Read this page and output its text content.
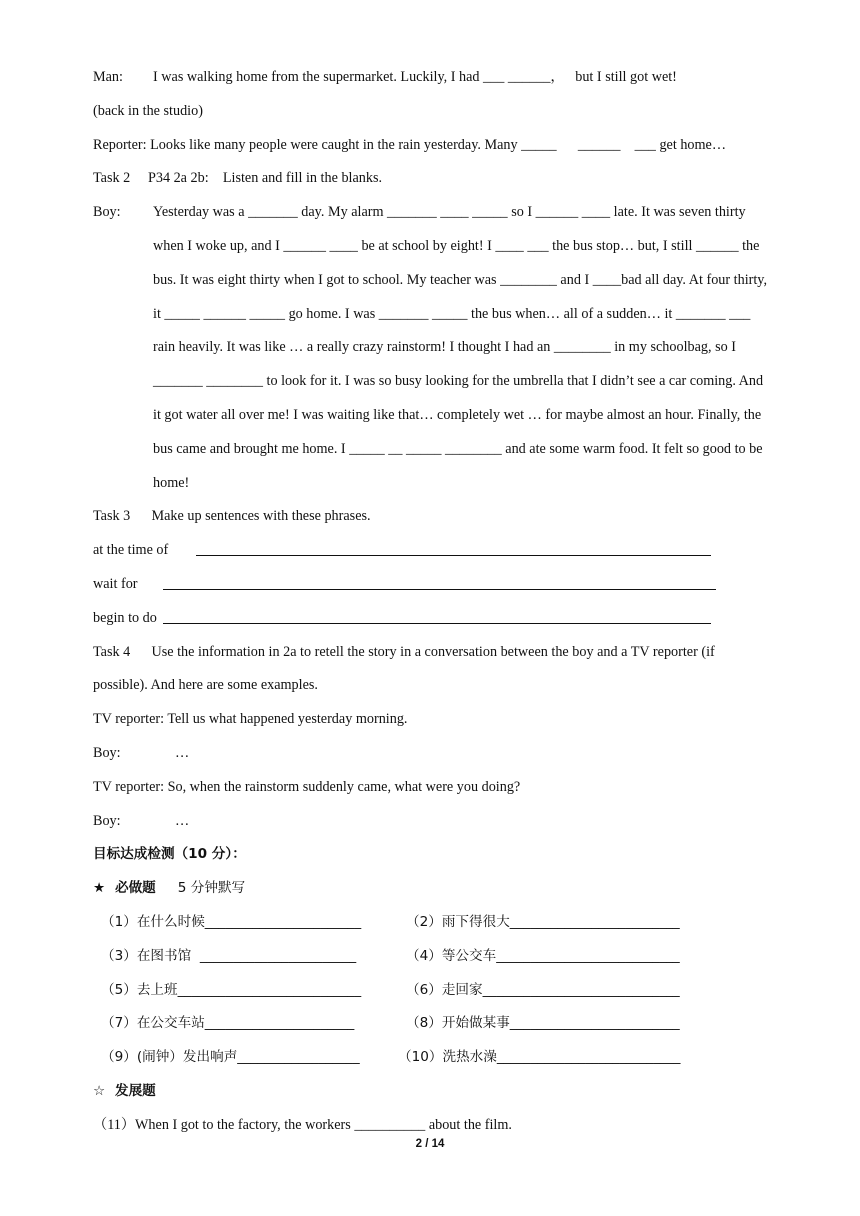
Man: I was walking home from the supermarket. Luckily, I had ___ ______，   but I still got wet!
(back in the studio)
Reporter: Looks like many people were caught in the rain yesterday. Many _____      ______    ___ get home…
Task 2     P34 2a 2b:    Listen and fill in the blanks.
Boy: Yesterday was a _______ day. My alarm _______ ____ _____ so I ______ ____ late. It was seven thirty
when I woke up, and I ______ ____ be at school by eight! I ____ ___ the bus stop… but, I still ______ the
bus. It was eight thirty when I got to school. My teacher was ________ and I ____bad all day. At four thirty,
it _____ ______ _____ go home. I was _______ _____ the bus when… all of a sudden… it _______ ___
rain heavily. It was like … a really crazy rainstorm! I thought I had an ________ in my schoolbag, so I
_______ ________ to look for it. I was so busy looking for the umbrella that I didn’t see a car coming. And
it got water all over me! I was waiting like that… completely wet … for maybe almost an hour. Finally, the
bus came and brought me home. I _____ __ _____ ________ and ate some warm food. It felt so good to be
home!
Task 3      Make up sentences with these phrases.
at the time of
wait for
begin to do
Task 4      Use the information in 2a to retell the story in a conversation between the boy and a TV reporter (if
possible). And here are some examples.
TV reporter: Tell us what happened yesterday morning.
Boy:	…
TV reporter: So, when the rainstorm suddenly came, what were you doing?
Boy:	…
目标达成检测（10 分）：
★ 必做题 5 分钟默写
（1）在什么时候_______________________	（2）雨下得很大_________________________
（3）在图书馆  _______________________	（4）等公交车___________________________
（5）去上班___________________________	（6）走回家_____________________________
（7）在公交车站______________________	（8）开始做某事_________________________
（9）(闹钟）发出响声__________________	（10）洗热水澡___________________________
☆ 发展题
（11）When I got to the factory, the workers __________ about the film.
2 / 14
